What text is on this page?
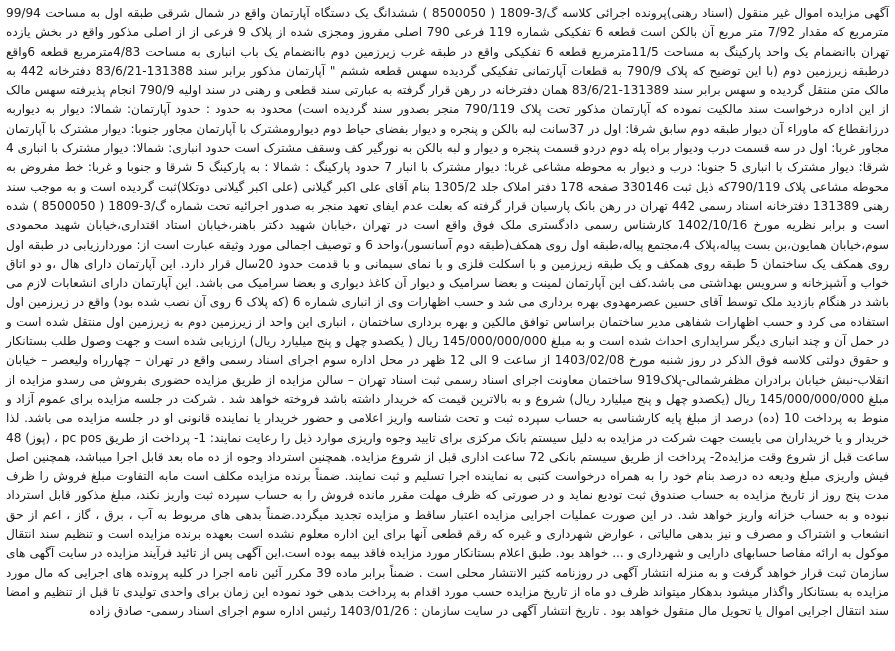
آگهی مزایده اموال غیر منقول (اسناد رهنی)پرونده اجرائی کلاسه گ/3-1809 ( 8500050 ) ششدانگ یک دستگاه آپارتمان واقع در شمال شرقی طبقه اول به مساحت 99/94 مترمربع که مقدار 7/92 متر مربع آن بالکن است قطعه 6 تفکیکی شماره 119 فرعی 790 اصلی مفروز ومجزی شده از پلاک 9 فرعی از از اصلی مذکور واقع در بخش یازده تهران باانضمام یک واحد پارکینگ به مساحت 11/5مترمربع قطعه 6 تفکیکی واقع در طبقه غرب زیرزمین دوم باانضمام یک باب انباری به مساحت 4/83مترمربع قطعه 6واقع درطبقه زیرزمین دوم (با این توضیح که پلاک 790/9 به قطعات آپارتمانی تفکیکی گردیده سهس قطعه ششم " آپارتمان مذکور برابر سند 131388-83/6/21 دفترخانه 442 به مالک متن منتقل گردیده و سهس برابر سند 131389-83/6/21 همان دفترخانه در رهن قرار گرفته به عبارتی سند قطعی و رهنی در سند اولیه 790/9 انجام پذیرفته سهس مالک از این اداره درخواست سند مالکیت نموده که آپارتمان مذکور تحت پلاک 790/119 منجر بصدور سند گردیده است) محدود به حدود : حدود آپارتمان: شمالا: دیوار به دیواربه درزانقطاع که ماوراء آن دیوار طبقه دوم سابق شرقا: اول در 37سانت لبه بالکن و پنجره و دیوار بفضای حیاط دوم دیوارومشترک با آپارتمان مجاور جنوبا: دیوار مشترک با آپارتمان مجاور غربا: اول در سه قسمت درب ودیوار براه پله دوم دردو قسمت پنجره و دیوار و لبه بالکن به نورگیر کف وسقف مشترک است حدود انباری: شمالا: دیوار مشترک با انباری 4 شرقا: دیوار مشترک با انباری 5 جنوبا: درب و دیوار به محوطه مشاعی غربا: دیوار مشترک با انبار 7 حدود پارکینگ : شمالا : به پارکینگ 5 شرقا و جنوبا و غربا: خط مفروض به محوطه مشاعی پلاک 790/119که ذیل ثبت 330146 صفحه 178 دفتر املاک جلد 1305/2 بنام آقای علی اکبر گیلانی (علی اکبر گیلانی دوتکلا)ثبت گردیده است و به موجب سند رهنی 131389 دفترخانه اسناد رسمی 442 تهران در رهن بانک پارسیان قرار گرفته که بعلت عدم ایفای تعهد منجر به صدور اجرائیه تحت شماره گ/3-1809 ( 8500050 ) شده است و برابر نظریه مورخ 1402/10/16 کارشناس رسمی دادگستری ملک فوق واقع است در تهران ،خیابان شهید دکتر باهنر،خیابان استاد اقتداری،خیابان شهید محمودی سوم،خیابان همایون،بن بست پیاله،پلاک 4،مجتمع پیاله،طبقه اول روی همکف(طبقه دوم آسانسور)،واحد 6 و توصیف اجمالی مورد وثیقه عبارت است از: موردارزیابی در طبقه اول روی همکف یک ساختمان 5 طبقه روی همکف و یک طبقه زیرزمین و با اسکلت فلزی و با نمای سیمانی و با قدمت حدود 20سال قرار دارد. این آپارتمان دارای هال ،و دو اتاق خواب و آشپزخانه و سرویس بهداشتی می باشد.کف این آپارتمان لمینت و بعضا سرامیک و دیوار آن کاغذ دیواری و بعضا سرامیک می باشد. این آپارتمان دارای انشعابات لازم می باشد در هنگام بازدید ملک توسط آقای حسین عصرمهدوی بهره برداری می شد و حسب اظهارات وی از انباری شماره 6 (که پلاک 6 روی آن نصب شده بود) واقع در زیرزمین اول استفاده می کرد و حسب اظهارات شفاهی مدیر ساختمان براساس توافق مالکین و بهره برداری ساختمان ، انباری این واحد از زیرزمین دوم به زیرزمین اول منتقل شده است و در حمل آن و چند انباری دیگر سرایداری احداث شده است و به مبلغ 145/000/000/000 ریال ( یکصدو چهل و پنج میلیارد ریال) ارزیابی شده است و جهت وصول طلب بستانکار و حقوق دولتی کلاسه فوق الذکر در روز شنبه مورخ 1403/02/08 از ساعت 9 الی 12 ظهر در محل اداره سوم اجرای اسناد رسمی واقع در تهران – چهارراه ولیعصر – خیابان انقلاب-نبش خیابان برادران مظفرشمالی-پلاک919 ساختمان معاونت اجرای اسناد رسمی ثبت اسناد تهران – سالن مزایده از طریق مزایده حضوری بفروش می رسدو مزایده از مبلغ 145/000/000/000 ریال (یکصدو چهل و پنج میلیارد ریال) شروع و به بالاترین قیمت که خریدار داشته باشد فروخته خواهد شد . شرکت در جلسه مزایده برای عموم آزاد و منوط به پرداخت 10 (ده) درصد از مبلغ پایه کارشناسی به حساب سپرده ثبت و تحت شناسه واریز اعلامی و حضور خریدار یا نماینده قانونی او در جلسه مزایده می باشد. لذا خریدار و یا خریداران می بایست جهت شرکت در مزایده به دلیل سیستم بانک مرکزی برای تایید وجوه واریزی موارد ذیل را رعایت نمایند: 1- پرداخت از طریق pc pos ، (پوز) 48 ساعت قبل از شروع وقت مزایده2- پرداخت از طریق سیستم بانکی 72 ساعت اداری قبل از شروع مزایده. همچنین استرداد وجوه از ده ماه بعد قابل اجرا میباشد، همچنین اصل فیش واریزی مبلغ ودیعه ده درصد بنام خود را به همراه درخواست کتبی به نماینده اجرا تسلیم و ثبت نمایند. ضمناً برنده مزایده مکلف است مابه التفاوت مبلغ فروش را ظرف مدت پنج روز از تاریخ مزایده به حساب صندوق ثبت تودیع نماید و در صورتی که ظرف مهلت مقرر مانده فروش را به حساب سپرده ثبت واریز نکند، مبلغ مذکور قابل استرداد نبوده و به حساب خزانه واریز خواهد شد. در این صورت عملیات اجرایی مزایده اعتبار ساقط و مزایده تجدید میگردد.ضمناً بدهی های مربوط به آب ، برق ، گاز ، اعم از حق انشعاب و اشتراک و مصرف و نیز بدهی مالیاتی ، عوارض شهرداری و غیره که رقم قطعی آنها برای این اداره معلوم نشده است بعهده برنده مزایده است و تنظیم سند انتقال موکول به ارائه مفاصا حسابهای دارایی و شهرداری و ... خواهد بود. طبق اعلام بستانکار مورد مزایده فاقد بیمه بوده است.این آگهی پس از تائید فرآیند مزایده در سایت آگهی های سازمان ثبت قرار خواهد گرفت و به منزله انتشار آگهی در روزنامه کثیر الانتشار محلی است . ضمناً برابر ماده 39 مکرر آئین نامه اجرا در کلیه پرونده های اجرایی که مال مورد مزایده به بستانکار واگذار میشود بدهکار میتواند ظرف دو ماه از تاریخ مزایده حسب مورد اقدام به پرداخت بدهی خود نموده این زمان برای واحدی تولیدی تا قبل از تنظیم و امضا سند انتقال اجرایی اموال یا تحویل مال منقول خواهد بود . تاریخ انتشار آگهی در سایت سازمان : 1403/01/26 رئیس اداره سوم اجرای اسناد رسمی- صادق زاده
